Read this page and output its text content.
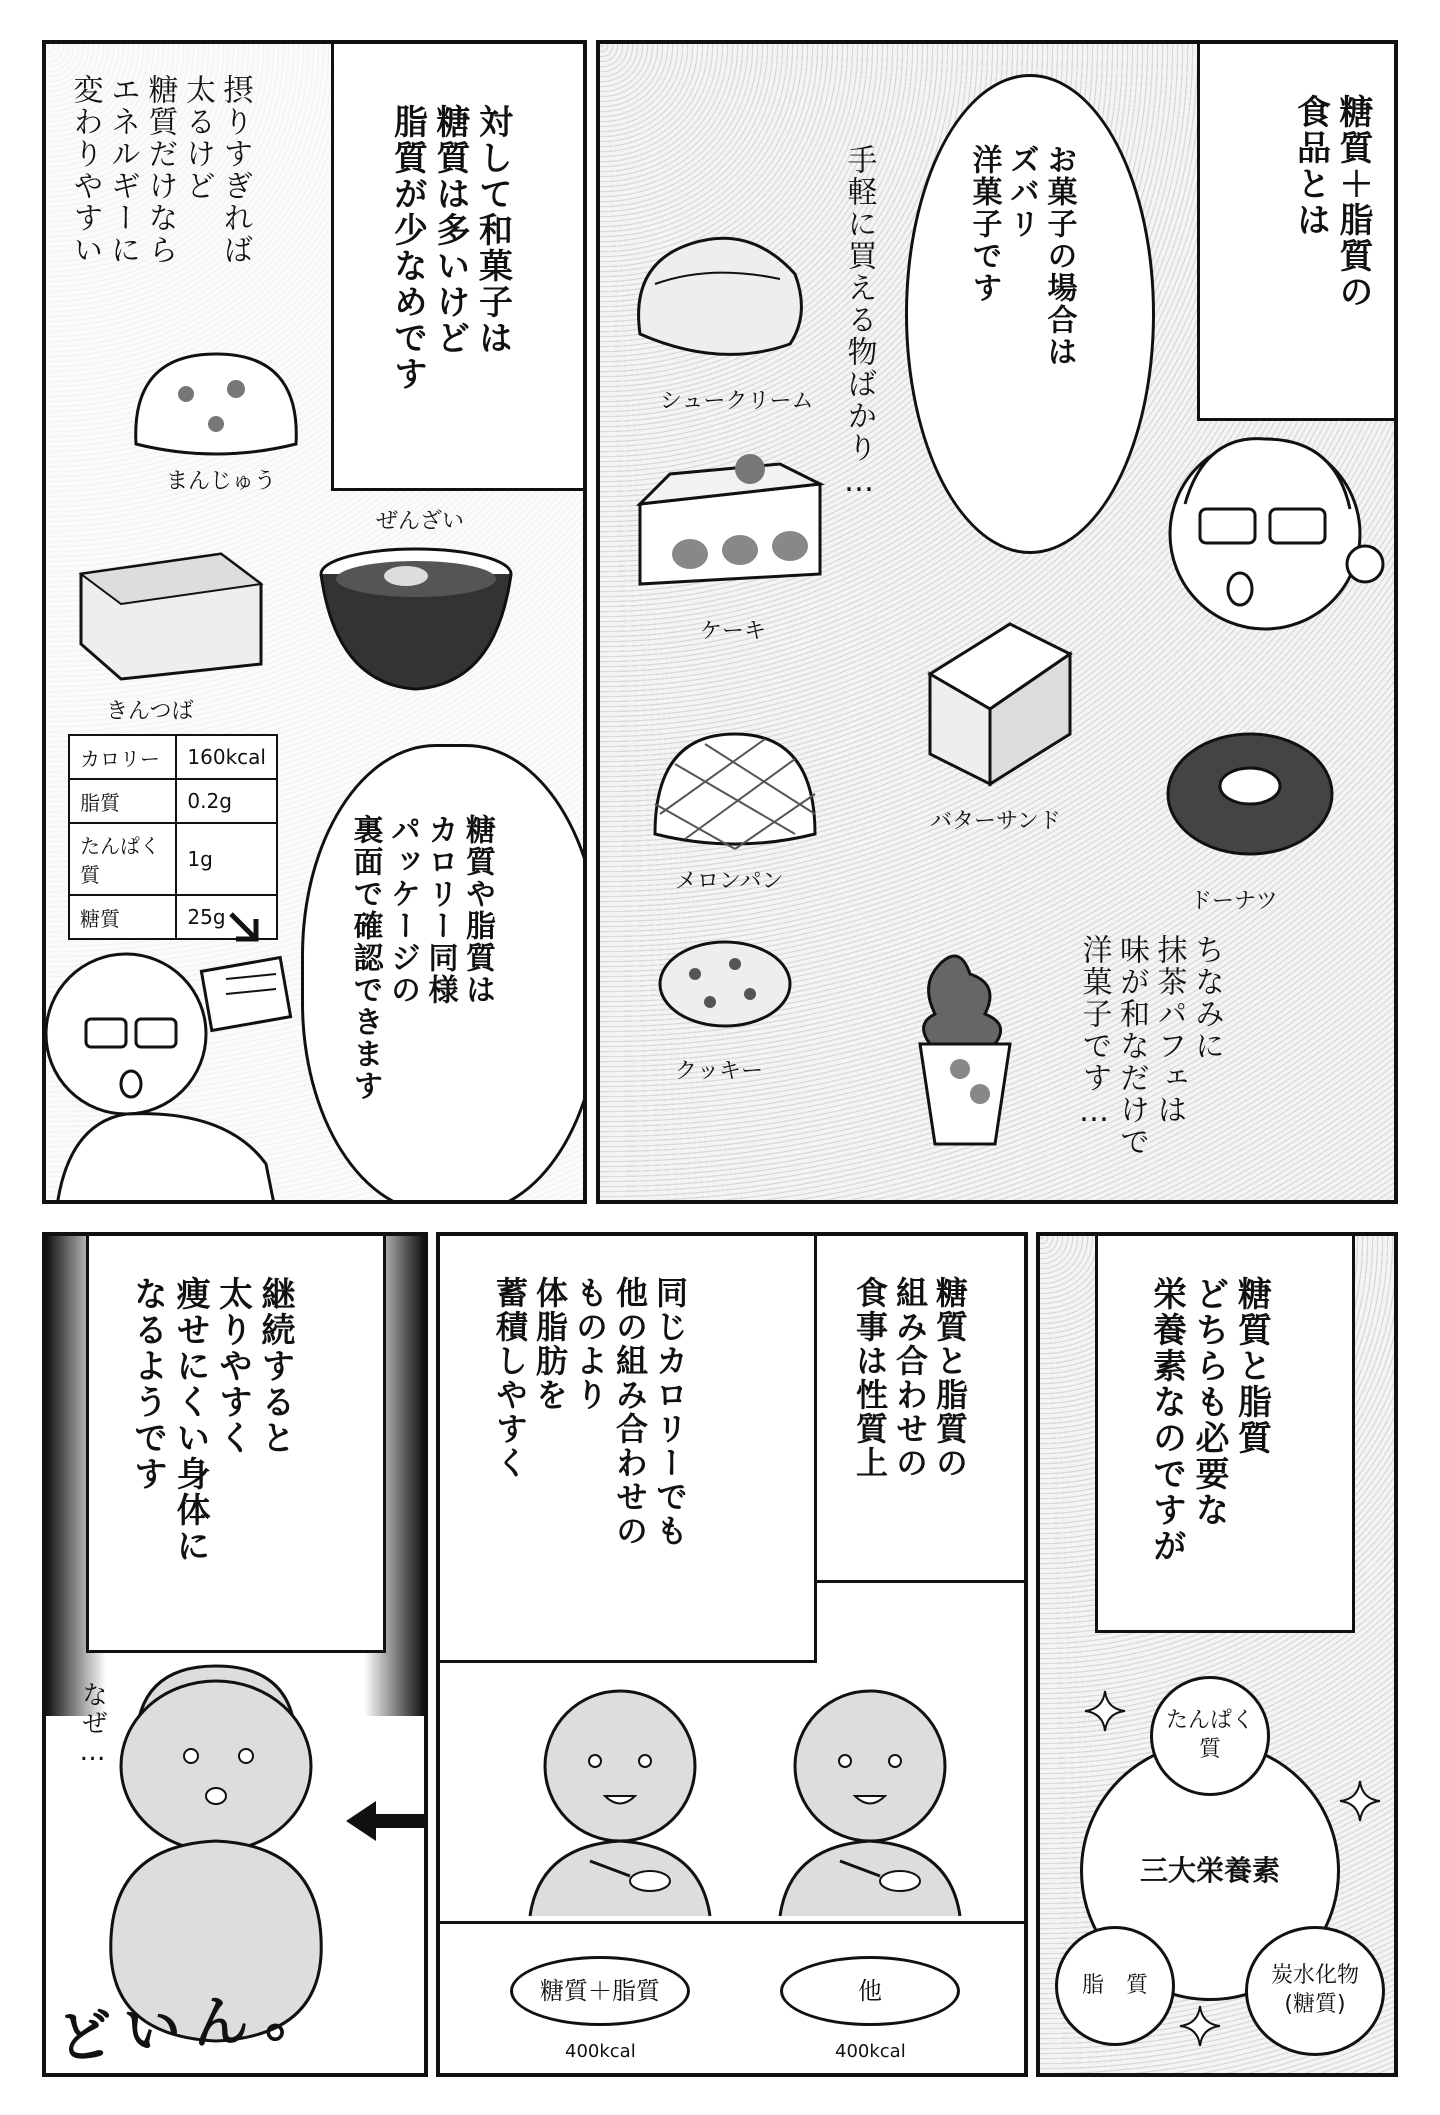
糖質＋脂質の
食品とは
お菓子の場合は
ズバリ
洋菓子です
手軽に買える物ばかり…
シュークリーム
ケーキ
バターサンド
メロンパン
ドーナツ
クッキー
ちなみに
抹茶パフェは
味が和なだけで
洋菓子です…
対して和菓子は
糖質は多いけど
脂質が少なめです
摂りすぎれば
太るけど
糖質だけなら
エネルギーに
変わりやすい
まんじゅう
ぜんざい
きんつば
カロリー	160kcal
脂質	0.2g
たんぱく質	1g
糖質	25g	糖質や脂質は
カロリー同様
パッケージの
裏面で確認できます
糖質と脂質
どちらも必要な
栄養素なのですが
三大栄養素
たんぱく
質
脂　質	炭水化物
(糖質)
糖質と脂質の
組み合わせの
食事は性質上
同じカロリーでも
他の組み合わせの
ものより
体脂肪を
蓄積しやすく
糖質＋脂質	他
400kcal	400kcal
継続すると
太りやすく
痩せにくい身体に
なるようです
なぜ…
どいん。
